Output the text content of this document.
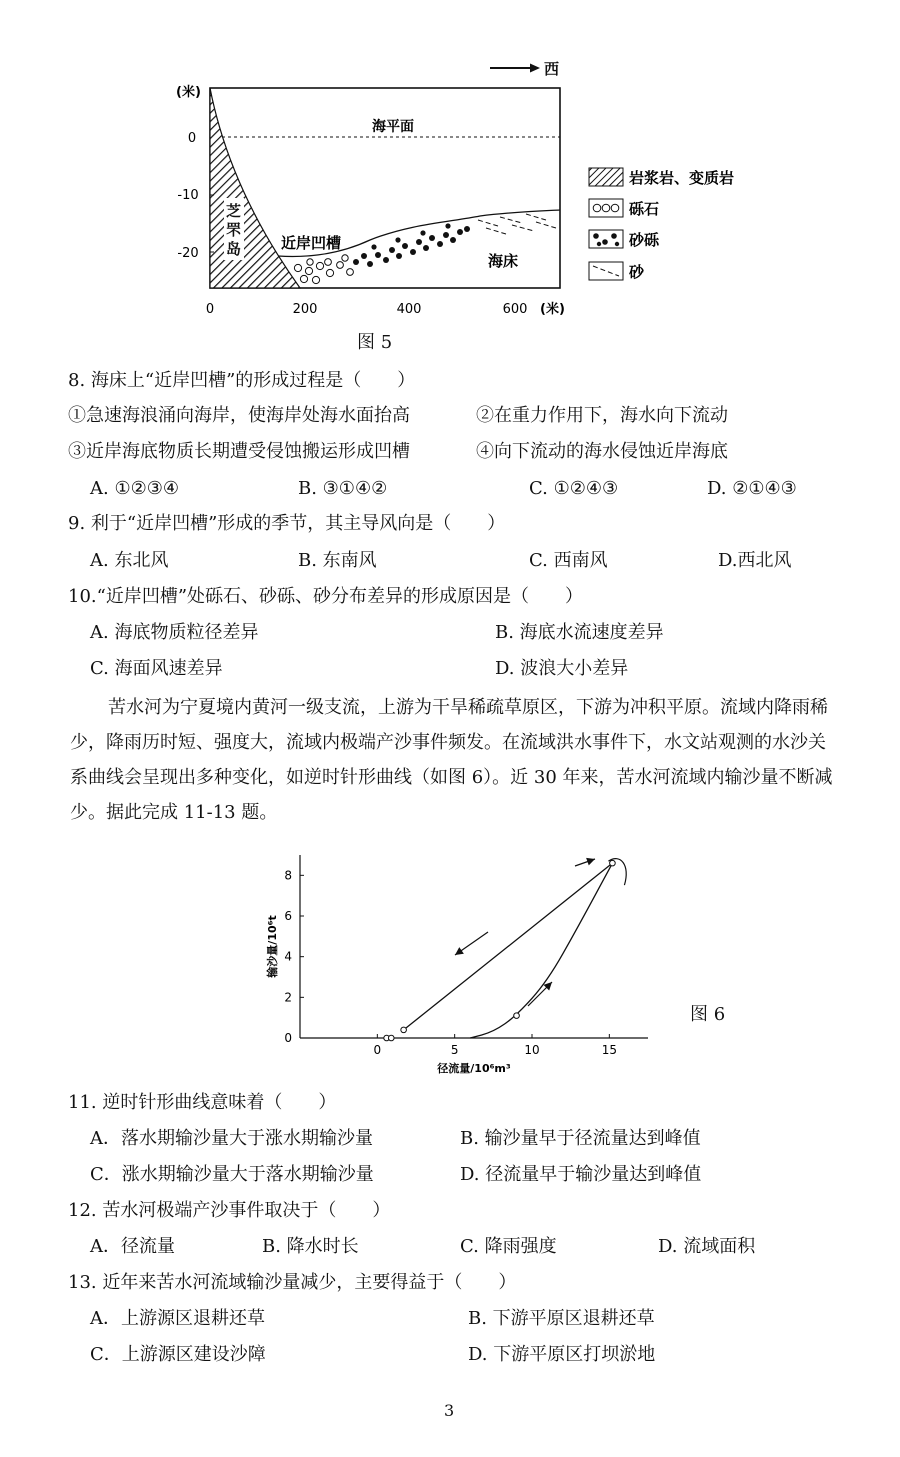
西
海平面
芝罘岛	近岸凹槽
海床
(米)
0
-10
-20
0	200	400	600 (米)
岩浆岩、变质岩
砾石
砂砾
砂
图 5
8. 海床上“近岸凹槽”的形成过程是（　　）
①急速海浪涌向海岸，使海岸处海水面抬高	②在重力作用下，海水向下流动
③近岸海底物质长期遭受侵蚀搬运形成凹槽	④向下流动的海水侵蚀近岸海底
A. ①②③④	B. ③①④②	C. ①②④③	D. ②①④③
9. 利于“近岸凹槽”形成的季节，其主导风向是（　　）
A. 东北风	B. 东南风	C. 西南风	D.西北风
10.“近岸凹槽”处砾石、砂砾、砂分布差异的形成原因是（　　）
A. 海底物质粒径差异	B. 海底水流速度差异
C. 海面风速差异	D. 波浪大小差异
苦水河为宁夏境内黄河一级支流，上游为干旱稀疏草原区，下游为冲积平原。流域内降雨稀少，降雨历时短、强度大，流域内极端产沙事件频发。在流域洪水事件下，水文站观测的水沙关系曲线会呈现出多种变化，如逆时针形曲线（如图 6）。近 30 年来，苦水河流域内输沙量不断减少。据此完成 11-13 题。
0
2
4
6
8
0	5	10	15
径流量/10⁶m³
输沙量/10⁶t
图 6
11. 逆时针形曲线意味着（　　）
A．落水期输沙量大于涨水期输沙量	B. 输沙量早于径流量达到峰值
C．涨水期输沙量大于落水期输沙量	D. 径流量早于输沙量达到峰值
12. 苦水河极端产沙事件取决于（　　）
A．径流量	B. 降水时长	C. 降雨强度	D. 流域面积
13. 近年来苦水河流域输沙量减少，主要得益于（　　）
A．上游源区退耕还草	B. 下游平原区退耕还草
C．上游源区建设沙障	D. 下游平原区打坝淤地
3
